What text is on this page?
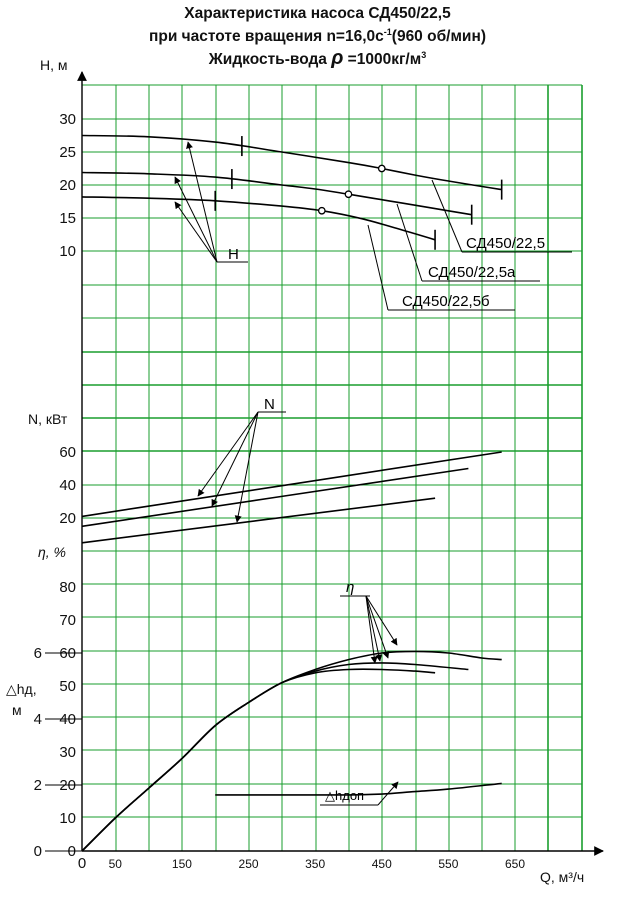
Характеристика насоса СД450/22,5
при частоте вращения $n=16,0с^{-1}(960$ об/мин)
Жидкость-вода $\rho =1000кг/м^3$
30
25
20
15
10
60
40
20
80
70
60
50
40
30
20
10
0
6
4
2
0
0 50	150	250	350	450	550	650
Н, м
N, кВт
η, %
△hд,
м
Q, м³/ч
Н
СД450/22,5
СД450/22,5а
СД450/22,5б
N
η
△hдоп
